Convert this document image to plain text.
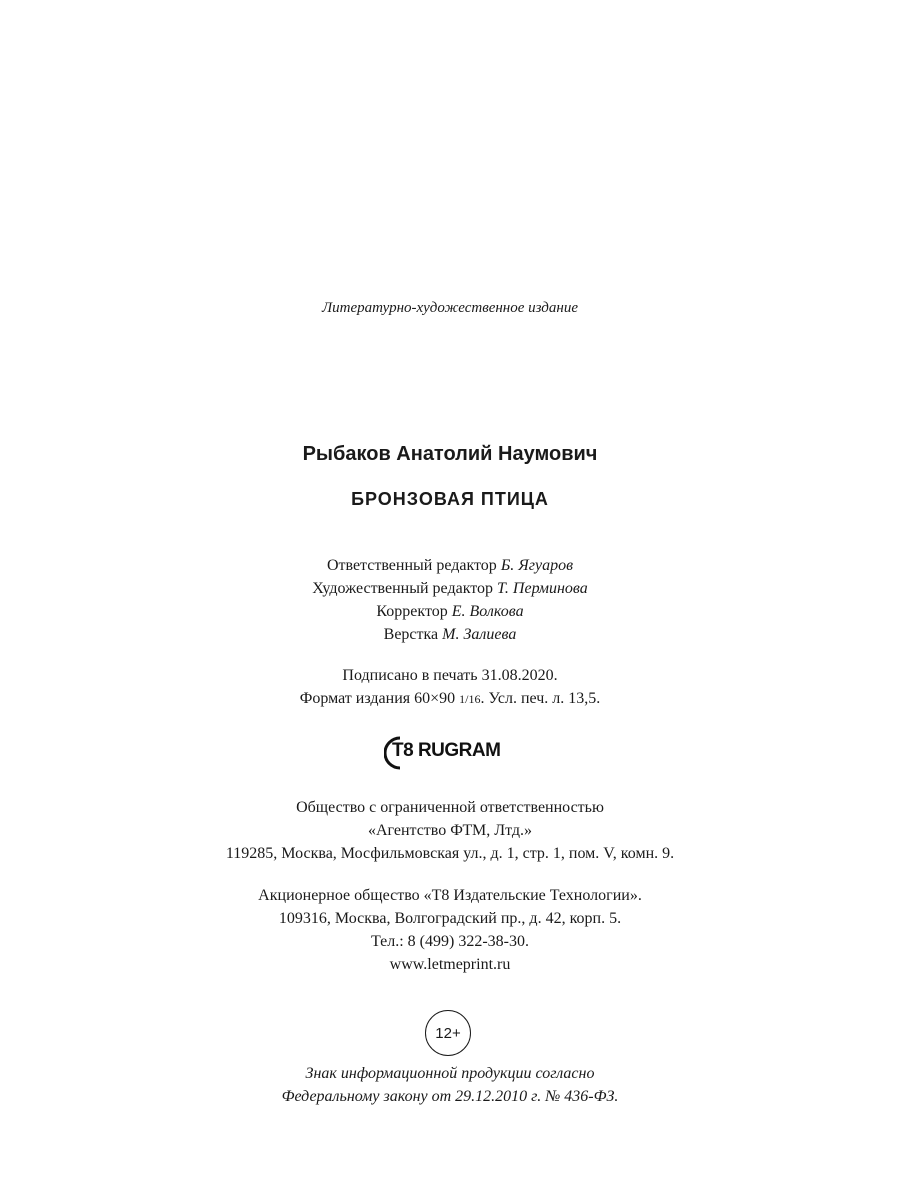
Литературно-художественное издание
Рыбаков Анатолий Наумович
БРОНЗОВАЯ ПТИЦА
Ответственный редактор Б. Ягуаров
Художественный редактор Т. Перминова
Корректор Е. Волкова
Верстка М. Залиева
Подписано в печать 31.08.2020.
Формат издания 60×90 1/16. Усл. печ. л. 13,5.
T8 RUGRAM
Общество с ограниченной ответственностью
«Агентство ФТМ, Лтд.»
119285, Москва, Мосфильмовская ул., д. 1, стр. 1, пом. V, комн. 9.
Акционерное общество «Т8 Издательские Технологии».
109316, Москва, Волгоградский пр., д. 42, корп. 5.
Тел.: 8 (499) 322-38-30.
www.letmeprint.ru
12+
Знак информационной продукции согласно
Федеральному закону от 29.12.2010 г. № 436-ФЗ.
